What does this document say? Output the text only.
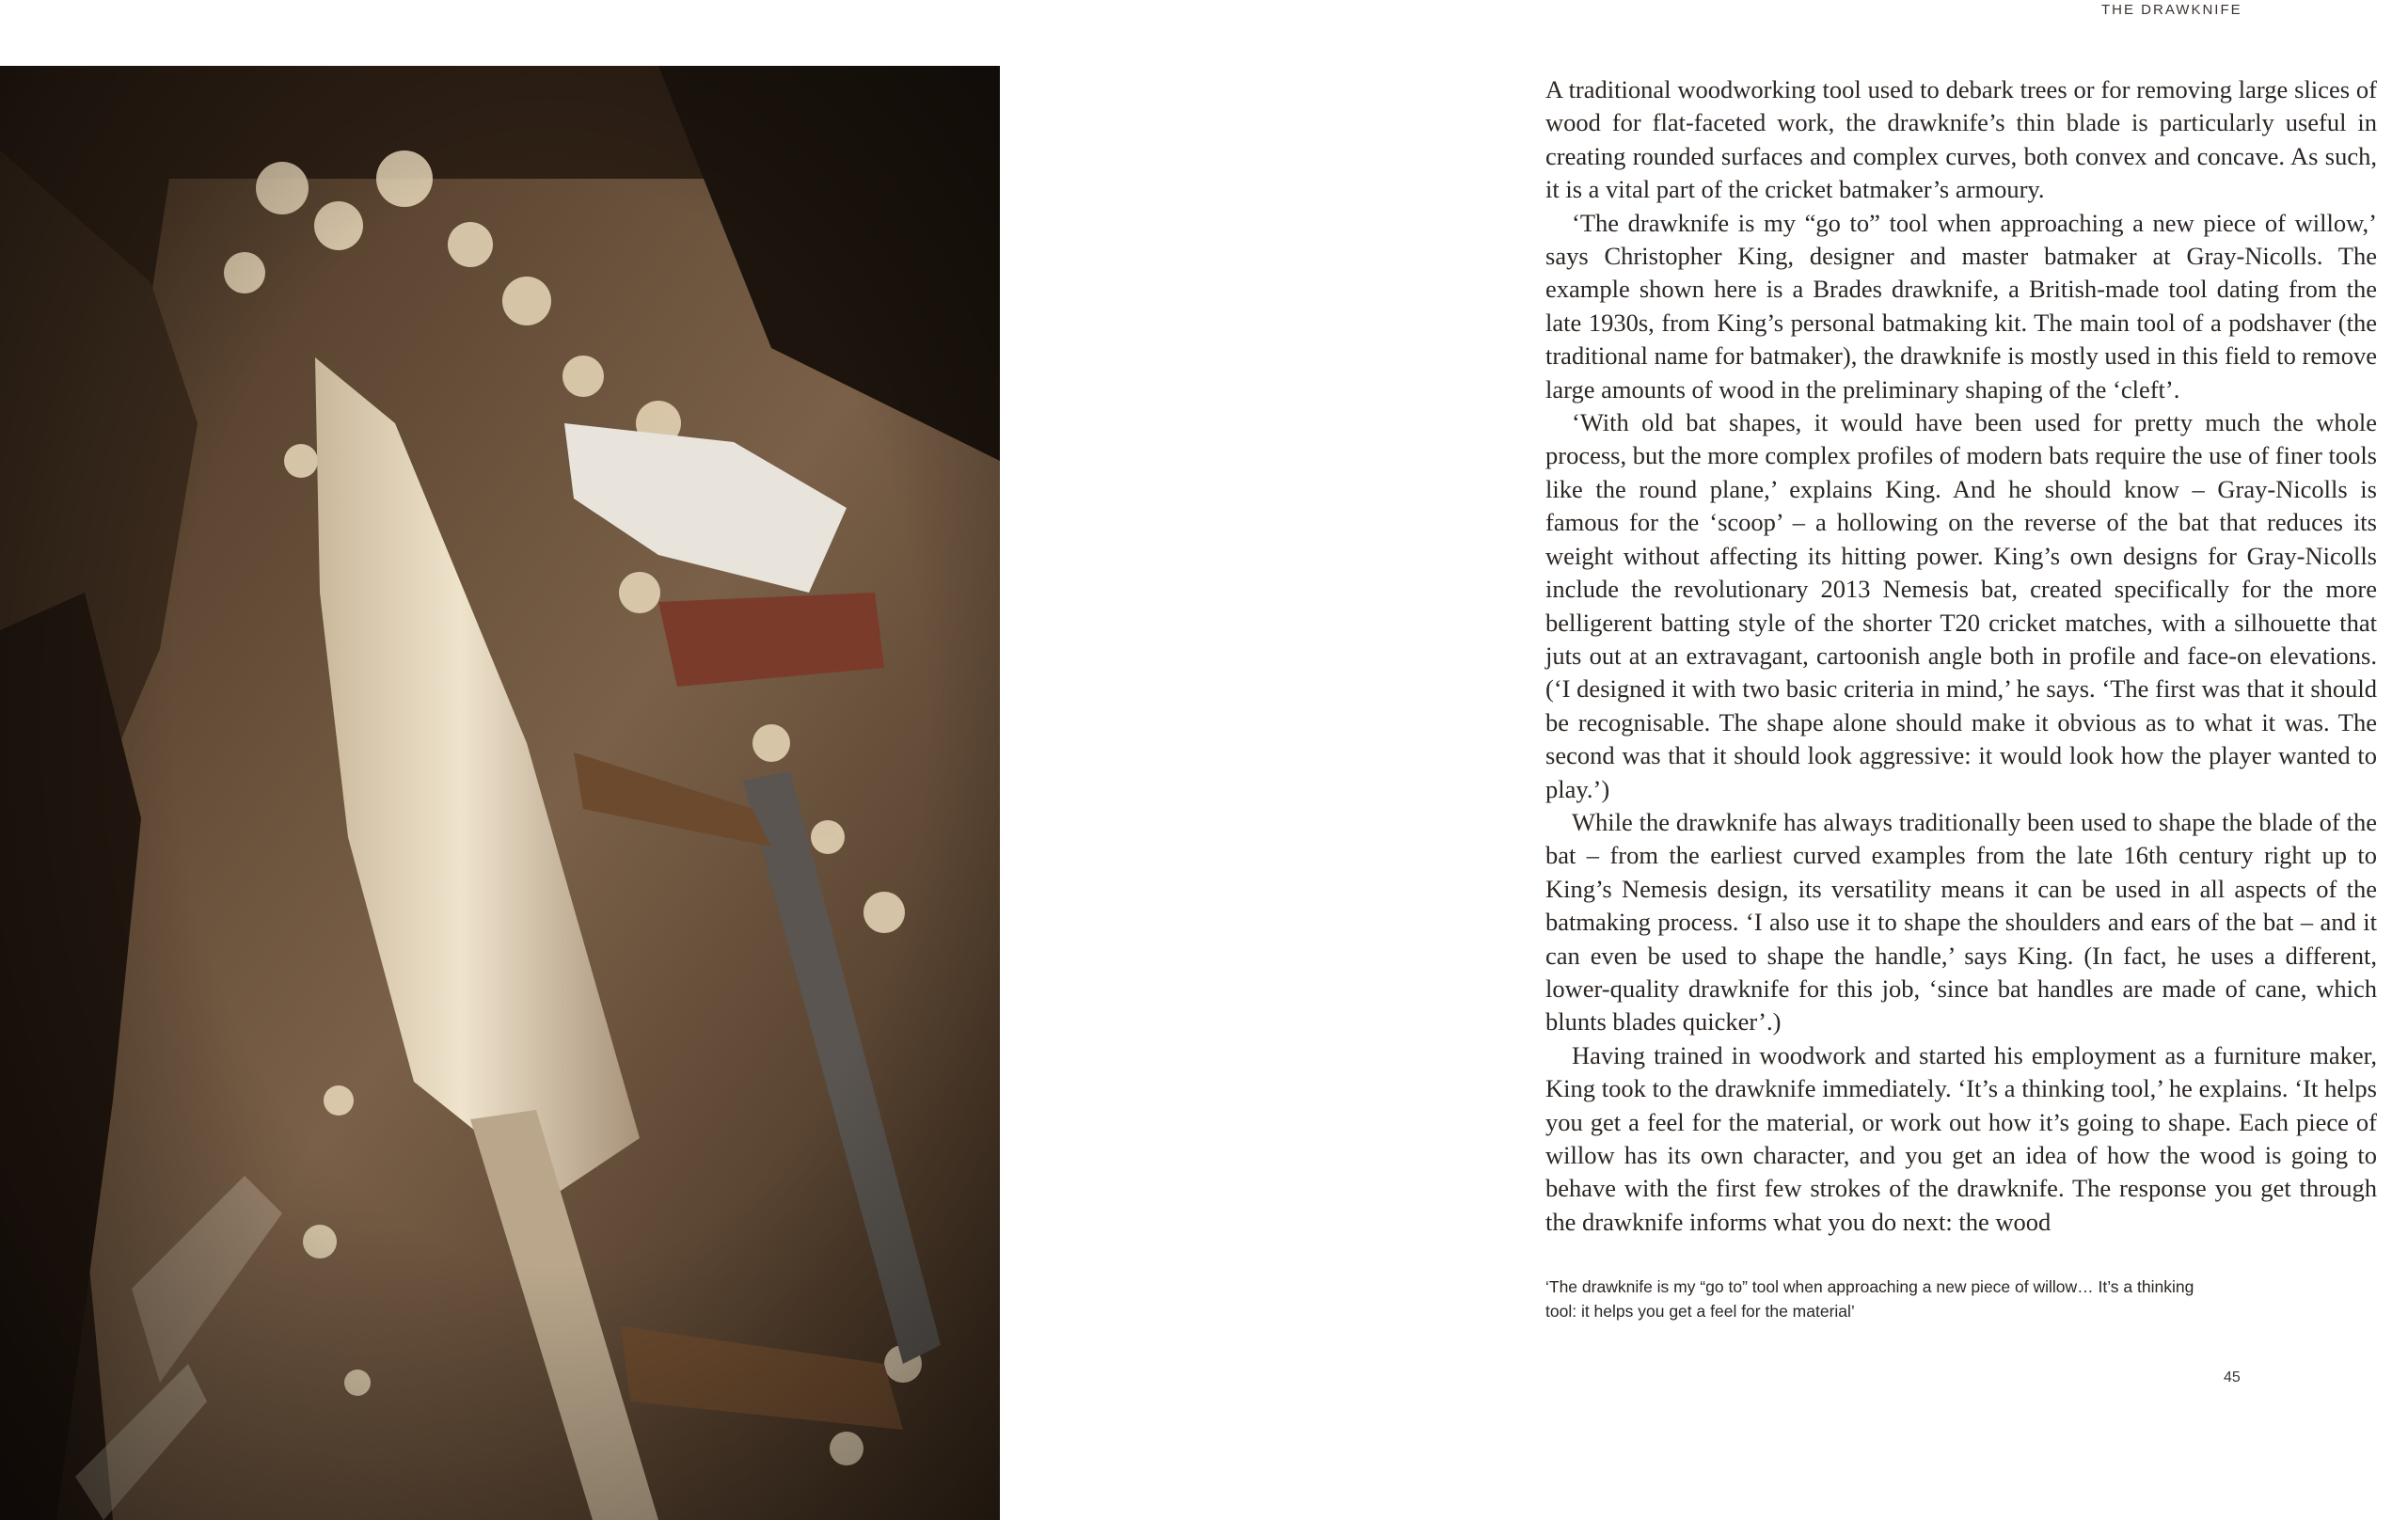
THE DRAWKNIFE

A traditional woodworking tool used to debark trees or for removing large slices of wood for flat-faceted work, the drawknife’s thin blade is particularly useful in creating rounded surfaces and complex curves, both convex and concave. As such, it is a vital part of the cricket batmaker’s armoury.

‘The drawknife is my “go to” tool when approaching a new piece of willow,’ says Christopher King, designer and master batmaker at Gray-Nicolls. The example shown here is a Brades drawknife, a British-made tool dating from the late 1930s, from King’s personal batmaking kit. The main tool of a podshaver (the traditional name for batmaker), the drawknife is mostly used in this field to remove large amounts of wood in the preliminary shaping of the ‘cleft’.

‘With old bat shapes, it would have been used for pretty much the whole process, but the more complex profiles of modern bats require the use of finer tools like the round plane,’ explains King. And he should know – Gray-Nicolls is famous for the ‘scoop’ – a hollowing on the reverse of the bat that reduces its weight without affecting its hitting power. King’s own designs for Gray-Nicolls include the revolutionary 2013 Nemesis bat, created specifically for the more belligerent batting style of the shorter T20 cricket matches, with a silhouette that juts out at an extravagant, cartoonish angle both in profile and face-on elevations. (‘I designed it with two basic criteria in mind,’ he says. ‘The first was that it should be recognisable. The shape alone should make it obvious as to what it was. The second was that it should look aggressive: it would look how the player wanted to play.’)

While the drawknife has always traditionally been used to shape the blade of the bat – from the earliest curved examples from the late 16th century right up to King’s Nemesis design, its versatility means it can be used in all aspects of the batmaking process. ‘I also use it to shape the shoulders and ears of the bat – and it can even be used to shape the handle,’ says King. (In fact, he uses a different, lower-quality drawknife for this job, ‘since bat handles are made of cane, which blunts blades quicker’.)

Having trained in woodwork and started his employment as a furniture maker, King took to the drawknife immediately. ‘It’s a thinking tool,’ he explains. ‘It helps you get a feel for the material, or work out how it’s going to shape. Each piece of willow has its own character, and you get an idea of how the wood is going to behave with the first few strokes of the drawknife. The response you get through the drawknife informs what you do next: the wood

‘The drawknife is my “go to” tool when approaching a new piece of willow… It’s a thinking tool: it helps you get a feel for the material’
45
